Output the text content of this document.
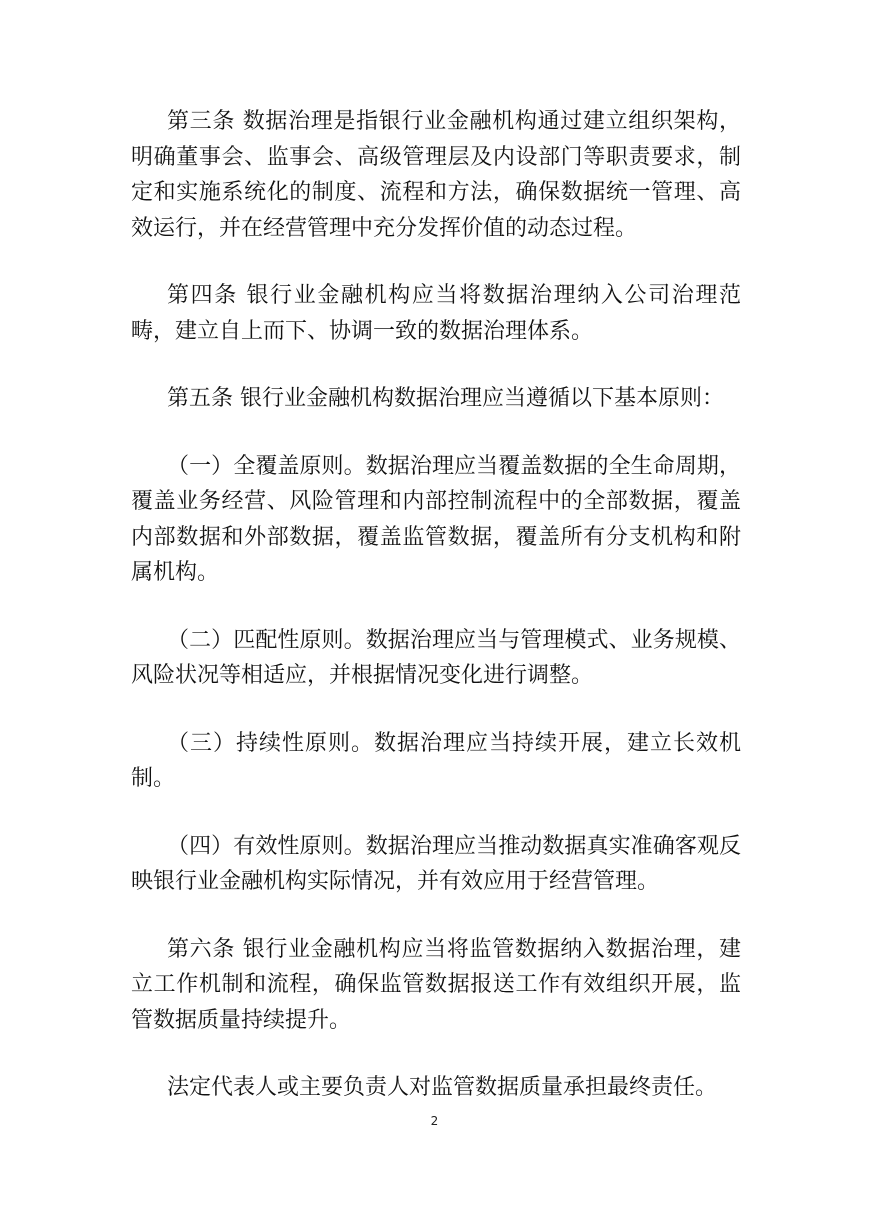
第三条 数据治理是指银行业金融机构通过建立组织架构，明确董事会、监事会、高级管理层及内设部门等职责要求，制定和实施系统化的制度、流程和方法，确保数据统一管理、高效运行，并在经营管理中充分发挥价值的动态过程。

第四条 银行业金融机构应当将数据治理纳入公司治理范畴，建立自上而下、协调一致的数据治理体系。

第五条 银行业金融机构数据治理应当遵循以下基本原则：

（一）全覆盖原则。数据治理应当覆盖数据的全生命周期，覆盖业务经营、风险管理和内部控制流程中的全部数据，覆盖内部数据和外部数据，覆盖监管数据，覆盖所有分支机构和附属机构。

（二）匹配性原则。数据治理应当与管理模式、业务规模、风险状况等相适应，并根据情况变化进行调整。

（三）持续性原则。数据治理应当持续开展，建立长效机制。

（四）有效性原则。数据治理应当推动数据真实准确客观反映银行业金融机构实际情况，并有效应用于经营管理。

第六条 银行业金融机构应当将监管数据纳入数据治理，建立工作机制和流程，确保监管数据报送工作有效组织开展，监管数据质量持续提升。

法定代表人或主要负责人对监管数据质量承担最终责任。

2
